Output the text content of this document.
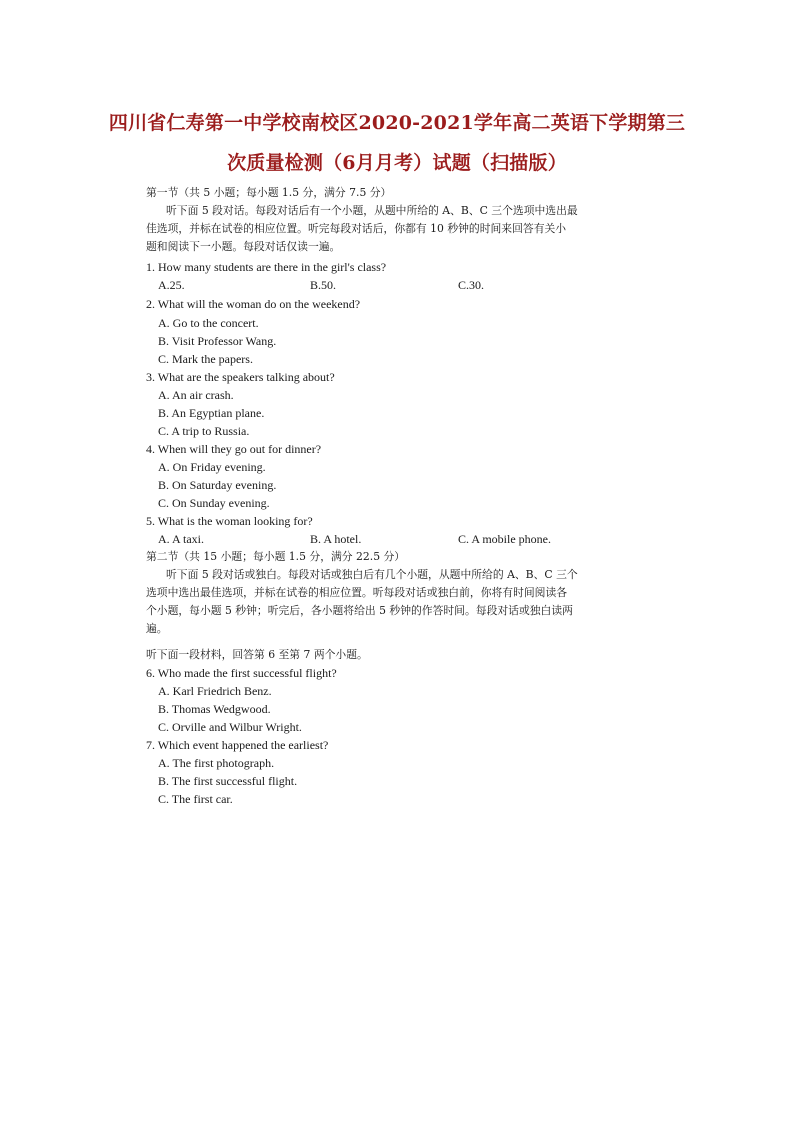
四川省仁寿第一中学校南校区2020-2021学年高二英语下学期第三
次质量检测（6月月考）试题（扫描版）
第一节（共 5 小题；每小题 1.5 分，满分 7.5 分）
听下面 5 段对话。每段对话后有一个小题，从题中所给的 A、B、C 三个选项中选出最
佳选项，并标在试卷的相应位置。听完每段对话后，你都有 10 秒钟的时间来回答有关小
题和阅读下一小题。每段对话仅读一遍。
1. How many students are there in the girl's class?
A.25.	B.50.	C.30.
2. What will the woman do on the weekend?
A. Go to the concert.
B. Visit Professor Wang.
C. Mark the papers.
3. What are the speakers talking about?
A. An air crash.
B. An Egyptian plane.
C. A trip to Russia.
4. When will they go out for dinner?
A. On Friday evening.
B. On Saturday evening.
C. On Sunday evening.
5. What is the woman looking for?
A. A taxi.	B. A hotel.	C. A mobile phone.
第二节（共 15 小题；每小题 1.5 分，满分 22.5 分）
听下面 5 段对话或独白。每段对话或独白后有几个小题，从题中所给的 A、B、C 三个
选项中选出最佳选项，并标在试卷的相应位置。听每段对话或独白前，你将有时间阅读各
个小题，每小题 5 秒钟；听完后，各小题将给出 5 秒钟的作答时间。每段对话或独白读两
遍。
听下面一段材料，回答第 6 至第 7 两个小题。
6. Who made the first successful flight?
A. Karl Friedrich Benz.
B. Thomas Wedgwood.
C. Orville and Wilbur Wright.
7. Which event happened the earliest?
A. The first photograph.
B. The first successful flight.
C. The first car.
